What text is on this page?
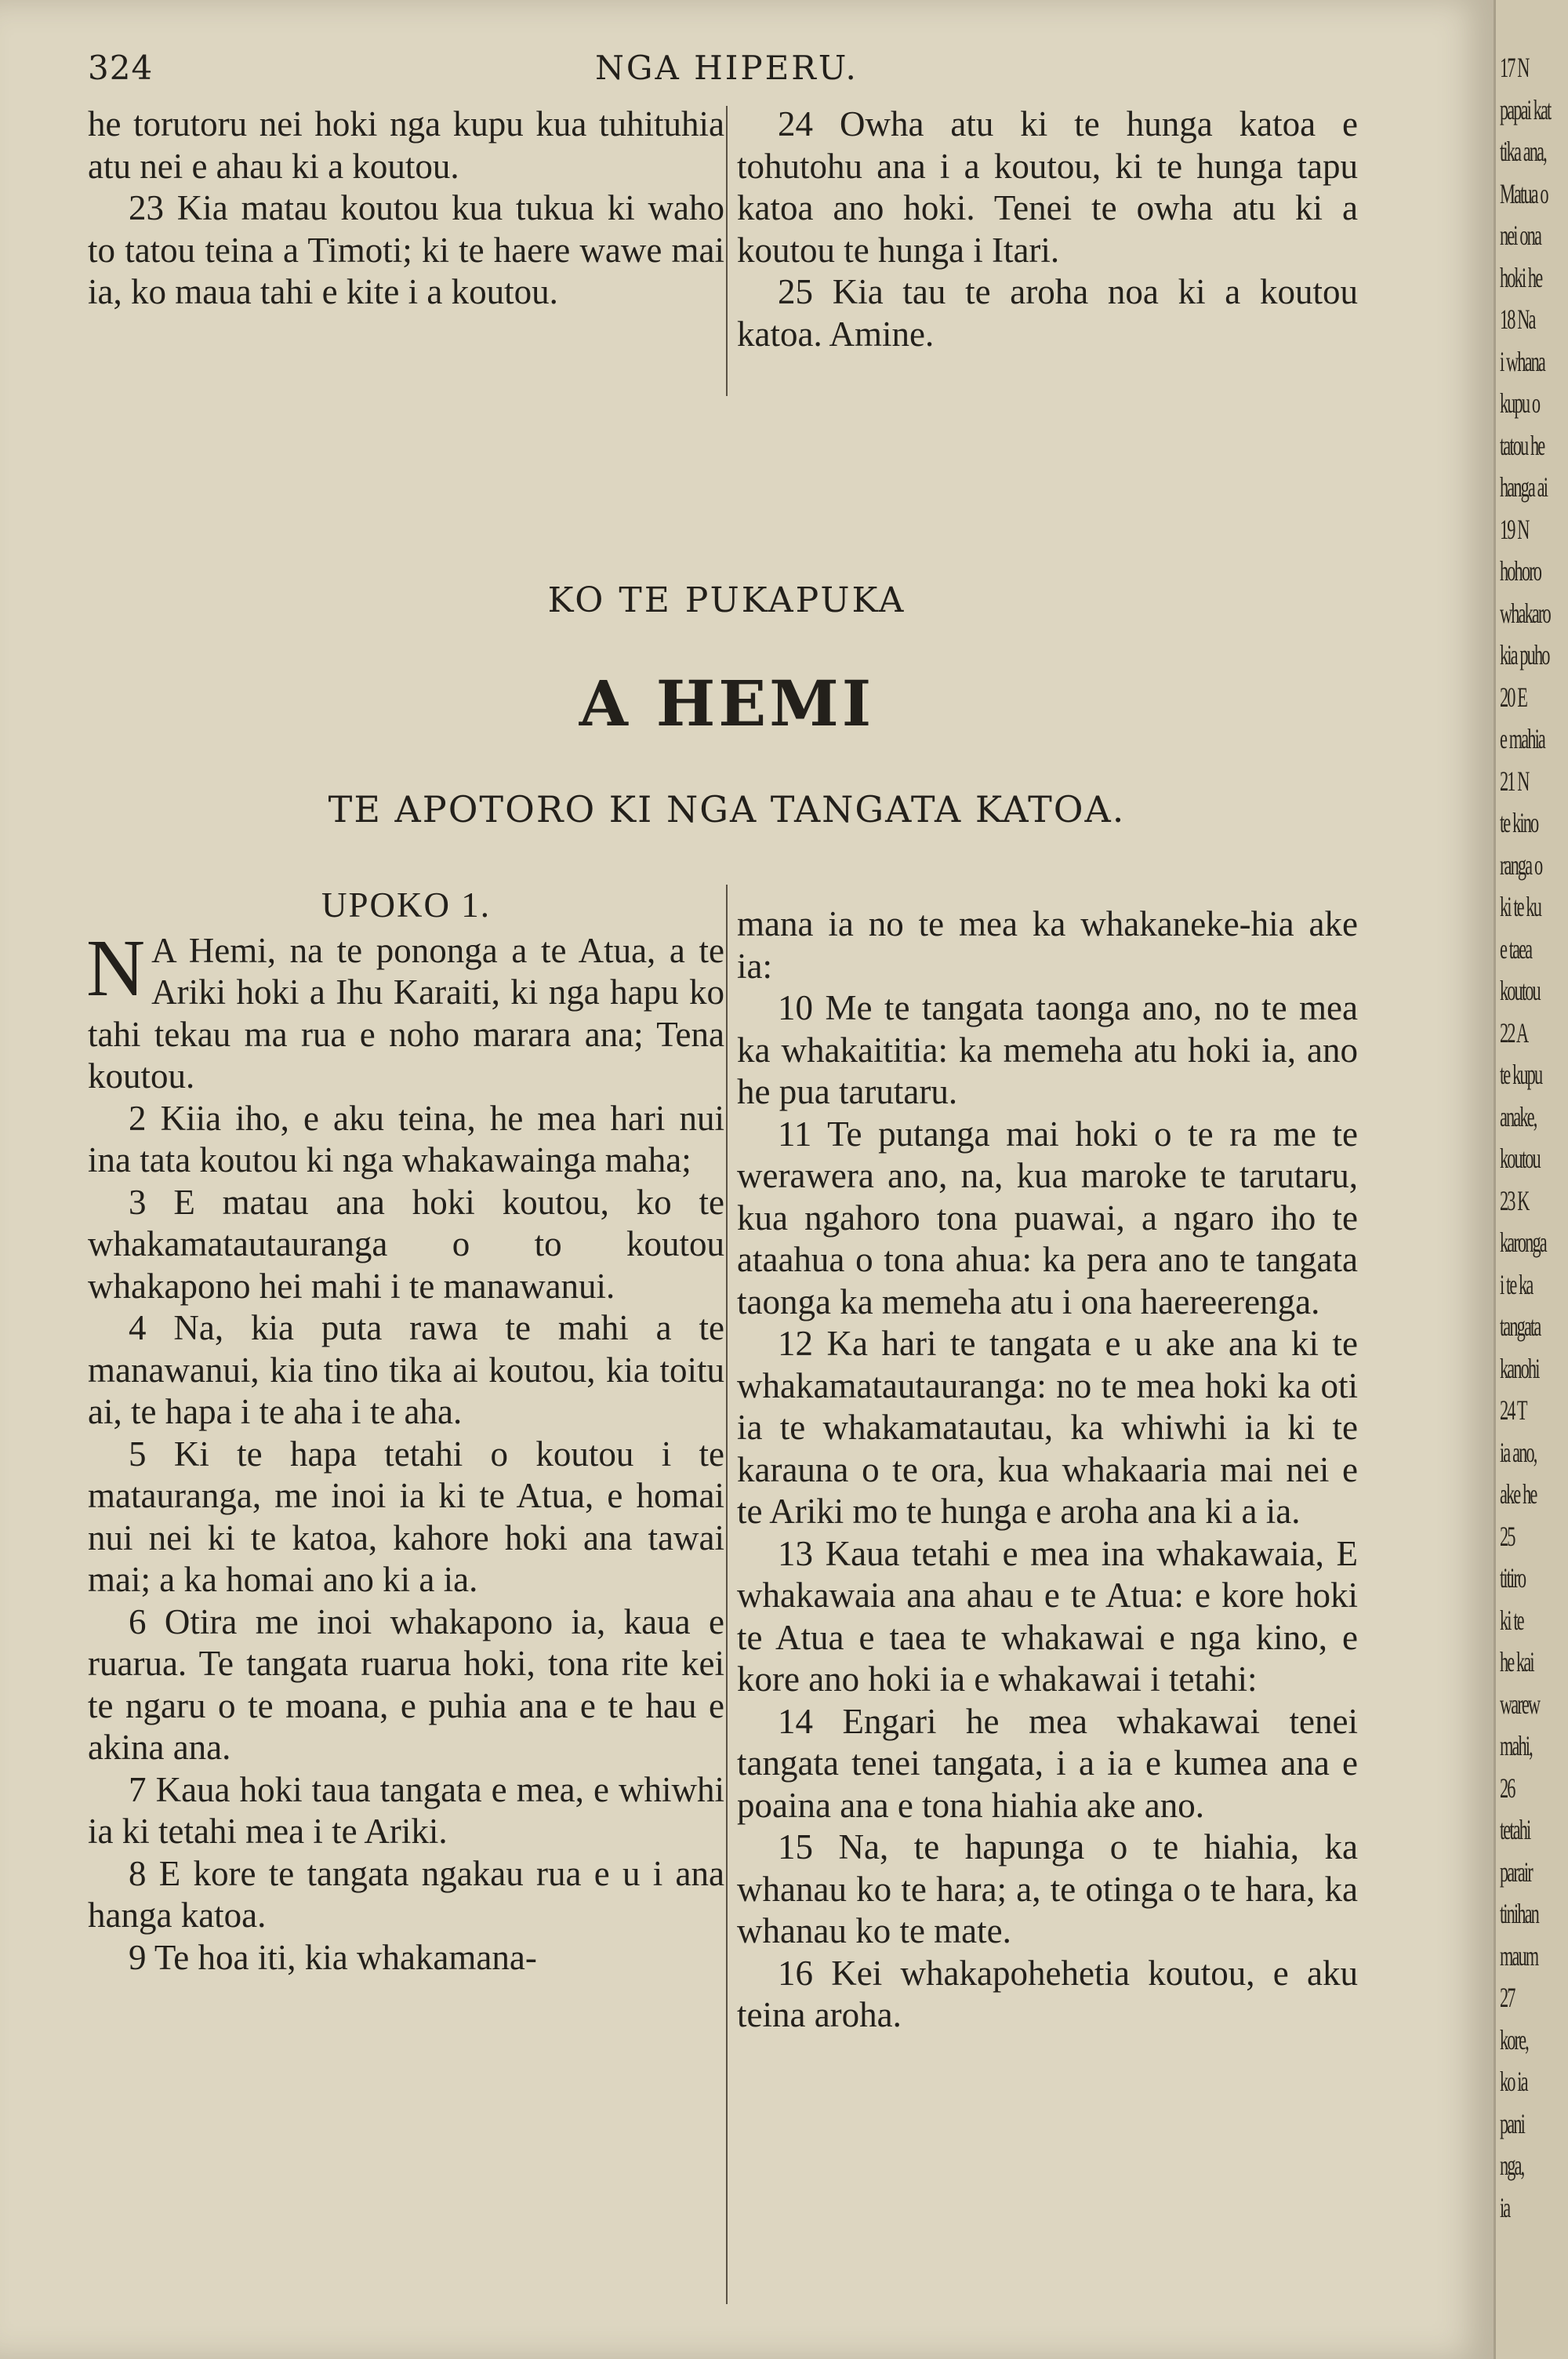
324	NGA HIPERU.

he torutoru nei hoki nga kupu kua tuhituhia atu nei e ahau ki a koutou.

23 Kia matau koutou kua tukua ki waho to tatou teina a Timoti; ki te haere wawe mai ia, ko maua tahi e kite i a koutou.

24 Owha atu ki te hunga katoa e tohutohu ana i a koutou, ki te hunga tapu katoa ano hoki. Tenei te owha atu ki a koutou te hunga i Itari.

25 Kia tau te aroha noa ki a koutou katoa. Amine.

KO TE PUKAPUKA
A HEMI
TE APOTORO KI NGA TANGATA KATOA.

UPOKO 1.

N A Hemi, na te pononga a te Atua, a te Ariki hoki a Ihu Karaiti, ki nga hapu ko tahi tekau ma rua e noho marara ana; Tena koutou.

2 Kiia iho, e aku teina, he mea hari nui ina tata koutou ki nga whakawainga maha;

3 E matau ana hoki koutou, ko te whakamatautauranga o to koutou whakapono hei mahi i te manawanui.

4 Na, kia puta rawa te mahi a te manawanui, kia tino tika ai koutou, kia toitu ai, te hapa i te aha i te aha.

5 Ki te hapa tetahi o koutou i te matauranga, me inoi ia ki te Atua, e homai nui nei ki te katoa, kahore hoki ana tawai mai; a ka homai ano ki a ia.

6 Otira me inoi whakapono ia, kaua e ruarua. Te tangata ruarua hoki, tona rite kei te ngaru o te moana, e puhia ana e te hau e akina ana.

7 Kaua hoki taua tangata e mea, e whiwhi ia ki tetahi mea i te Ariki.

8 E kore te tangata ngakau rua e u i ana hanga katoa.

9 Te hoa iti, kia whakamana-

mana ia no te mea ka whakaneke-hia ake ia:

10 Me te tangata taonga ano, no te mea ka whakaititia: ka memeha atu hoki ia, ano he pua tarutaru.

11 Te putanga mai hoki o te ra me te werawera ano, na, kua maroke te tarutaru, kua ngahoro tona puawai, a ngaro iho te ataahua o tona ahua: ka pera ano te tangata taonga ka memeha atu i ona haereerenga.

12 Ka hari te tangata e u ake ana ki te whakamatautauranga: no te mea hoki ka oti ia te whakamatautau, ka whiwhi ia ki te karauna o te ora, kua whakaaria mai nei e te Ariki mo te hunga e aroha ana ki a ia.

13 Kaua tetahi e mea ina whakawaia, E whakawaia ana ahau e te Atua: e kore hoki te Atua e taea te whakawai e nga kino, e kore ano hoki ia e whakawai i tetahi:

14 Engari he mea whakawai tenei tangata tenei tangata, i a ia e kumea ana e poaina ana e tona hiahia ake ano.

15 Na, te hapunga o te hiahia, ka whanau ko te hara; a, te otinga o te hara, ka whanau ko te mate.

16 Kei whakapohehetia koutou, e aku teina aroha.

17 N
papai kat
tika ana,
Matua o
nei ona
hoki he
18 Na
i whana
kupu o
tatou he
hanga ai
19 N
hohoro
whakaro
kia puho
20 E
e mahia
21 N
te kino
ranga o
ki te ku
e taea
koutou
22 A
te kupu
anake,
koutou
23 K
karonga
i te ka
tangata
kanohi
24 T
ia ano,
ake he
25
titiro
ki te
he kai
warew
mahi,
26
tetahi
parair
tinihan
maum
27
kore,
ko ia
pani
nga,
ia
